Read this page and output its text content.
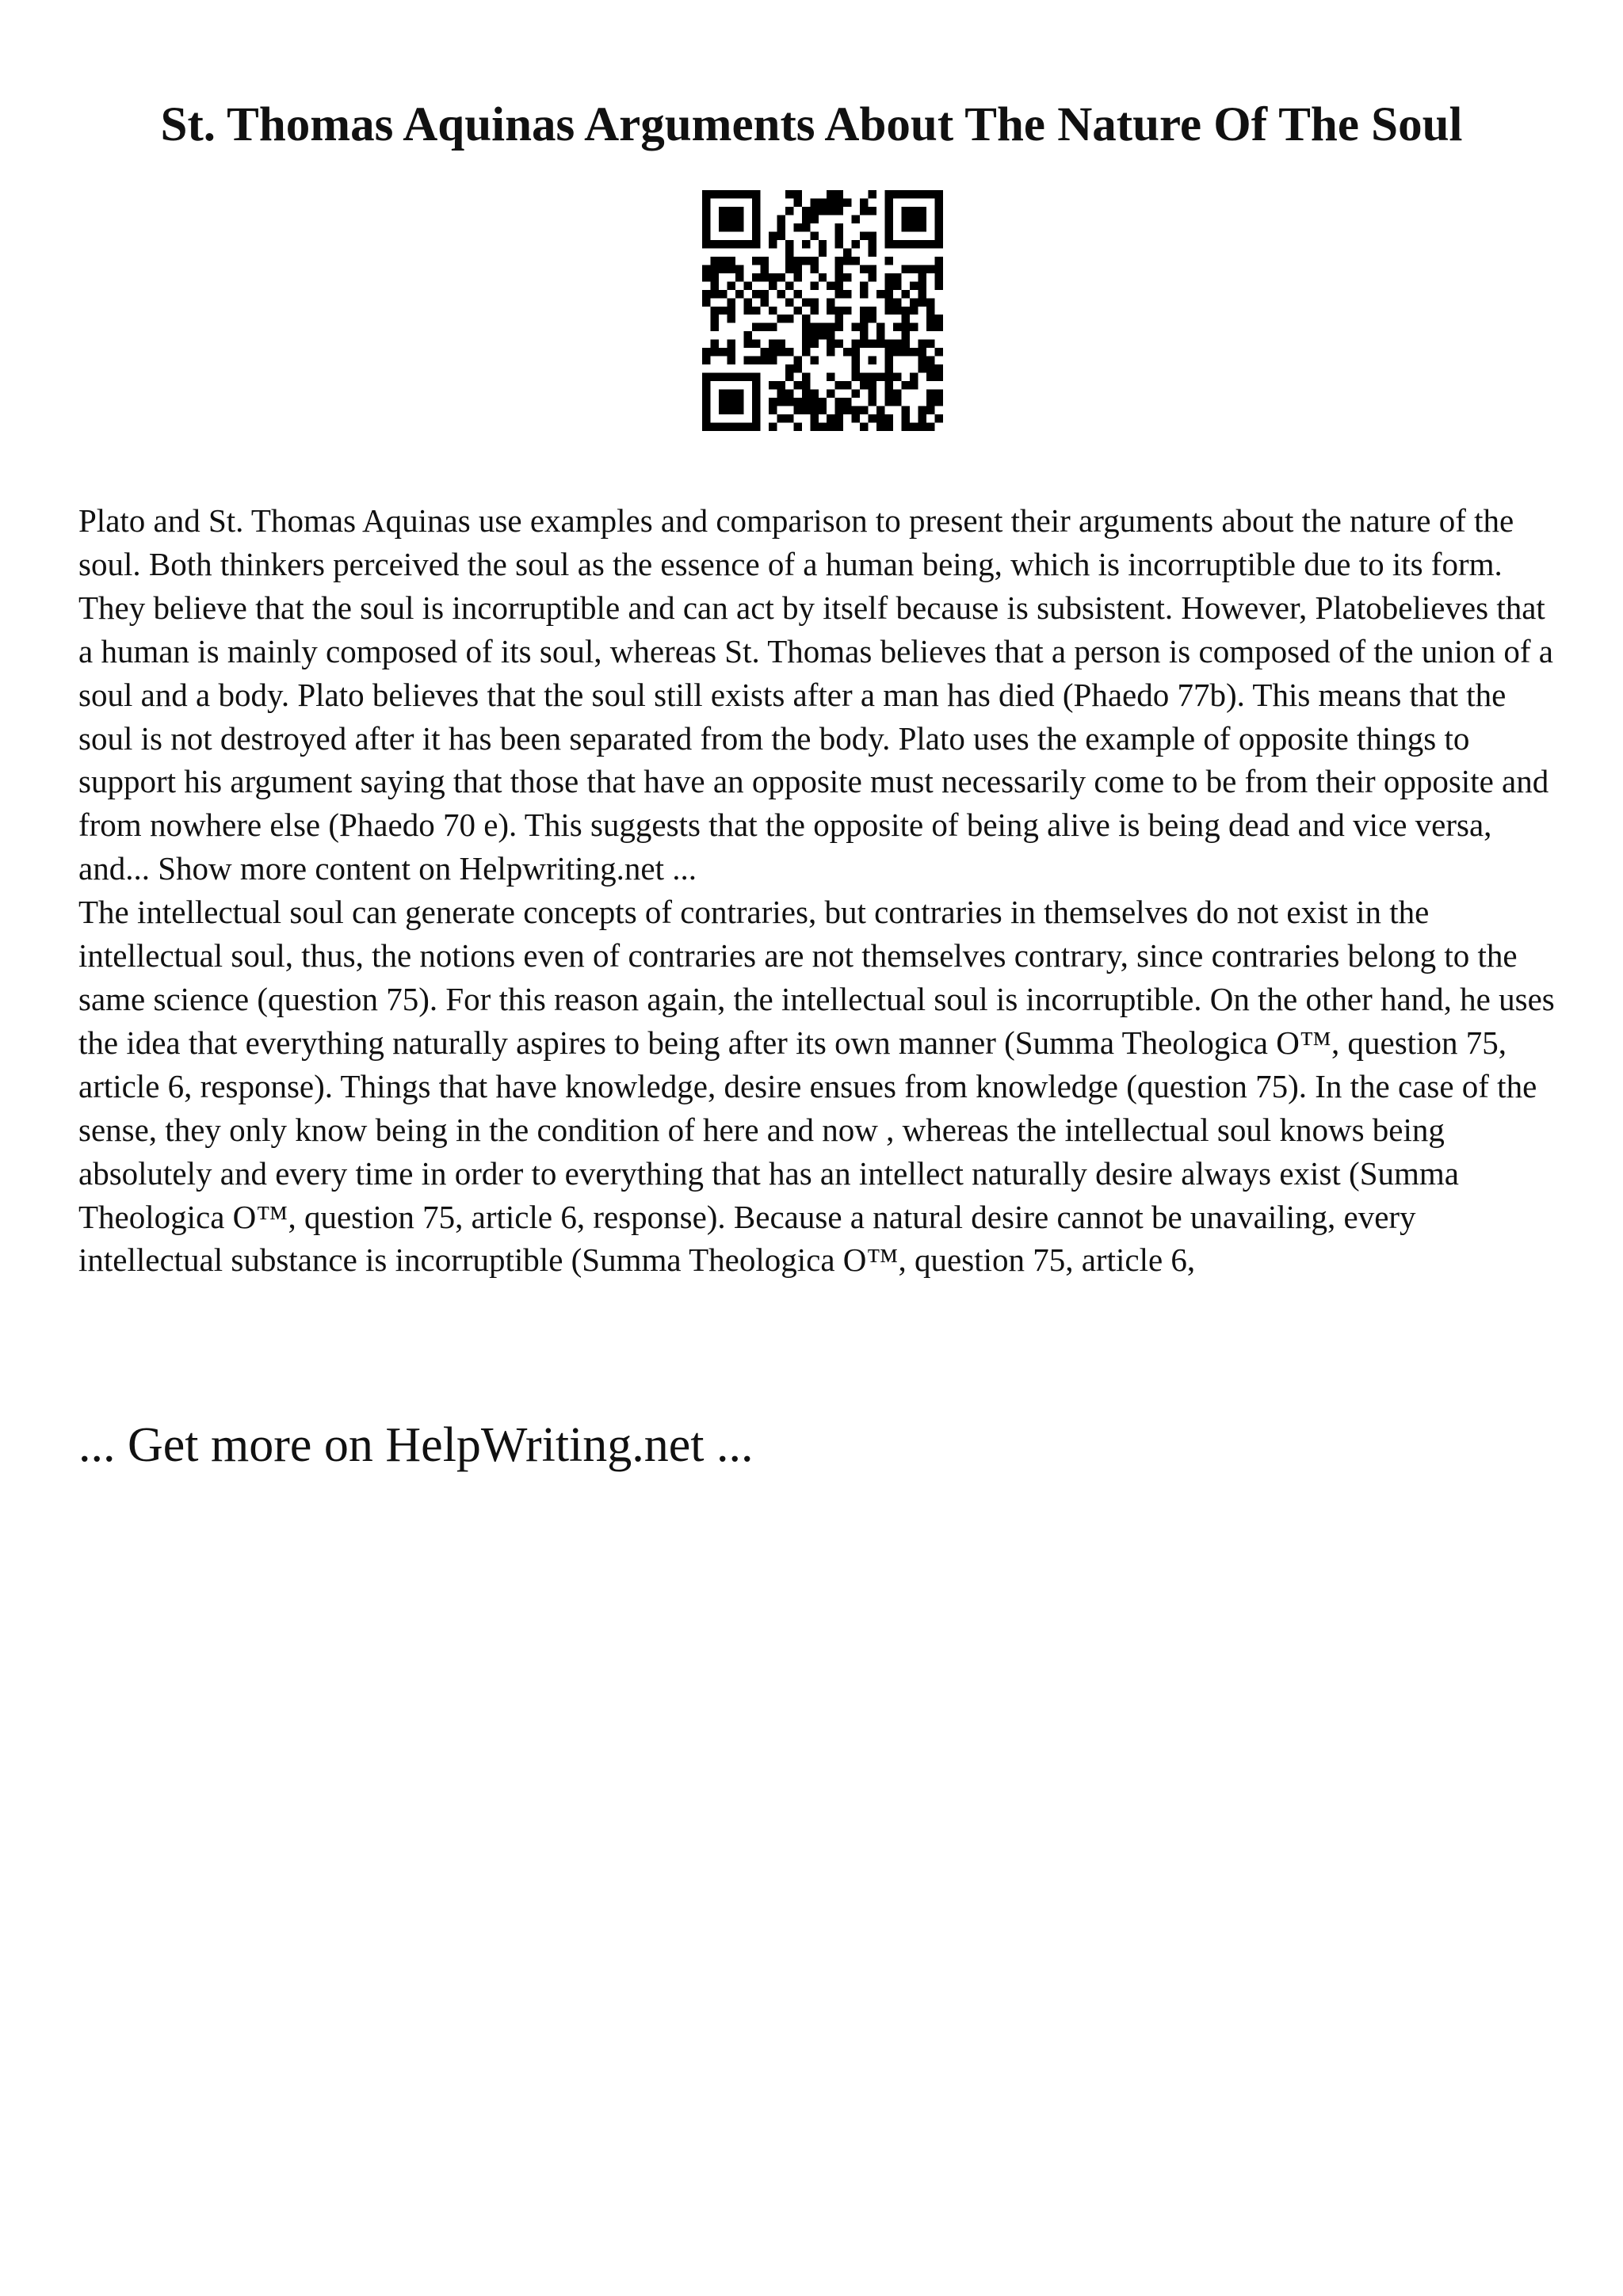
St. Thomas Aquinas Arguments About The Nature Of The Soul

Plato and St. Thomas Aquinas use examples and comparison to present their arguments about the nature of the soul. Both thinkers perceived the soul as the essence of a human being, which is incorruptible due to its form. They believe that the soul is incorruptible and can act by itself because is subsistent. However, Platobelieves that a human is mainly composed of its soul, whereas St. Thomas believes that a person is composed of the union of a soul and a body. Plato believes that the soul still exists after a man has died (Phaedo 77b). This means that the soul is not destroyed after it has been separated from the body. Plato uses the example of opposite things to support his argument saying that those that have an opposite must necessarily come to be from their opposite and from nowhere else (Phaedo 70 e). This suggests that the opposite of being alive is being dead and vice versa, and... Show more content on Helpwriting.net ...

The intellectual soul can generate concepts of contraries, but contraries in themselves do not exist in the intellectual soul, thus, the notions even of contraries are not themselves contrary, since contraries belong to the same science (question 75). For this reason again, the intellectual soul is incorruptible. On the other hand, he uses the idea that everything naturally aspires to being after its own manner (Summa Theologica O™, question 75, article 6, response). Things that have knowledge, desire ensues from knowledge (question 75). In the case of the sense, they only know being in the condition of here and now , whereas the intellectual soul knows being absolutely and every time in order to everything that has an intellect naturally desire always exist (Summa Theologica O™, question 75, article 6, response). Because a natural desire cannot be unavailing, every intellectual substance is incorruptible (Summa Theologica O™, question 75, article 6,

... Get more on HelpWriting.net ...
